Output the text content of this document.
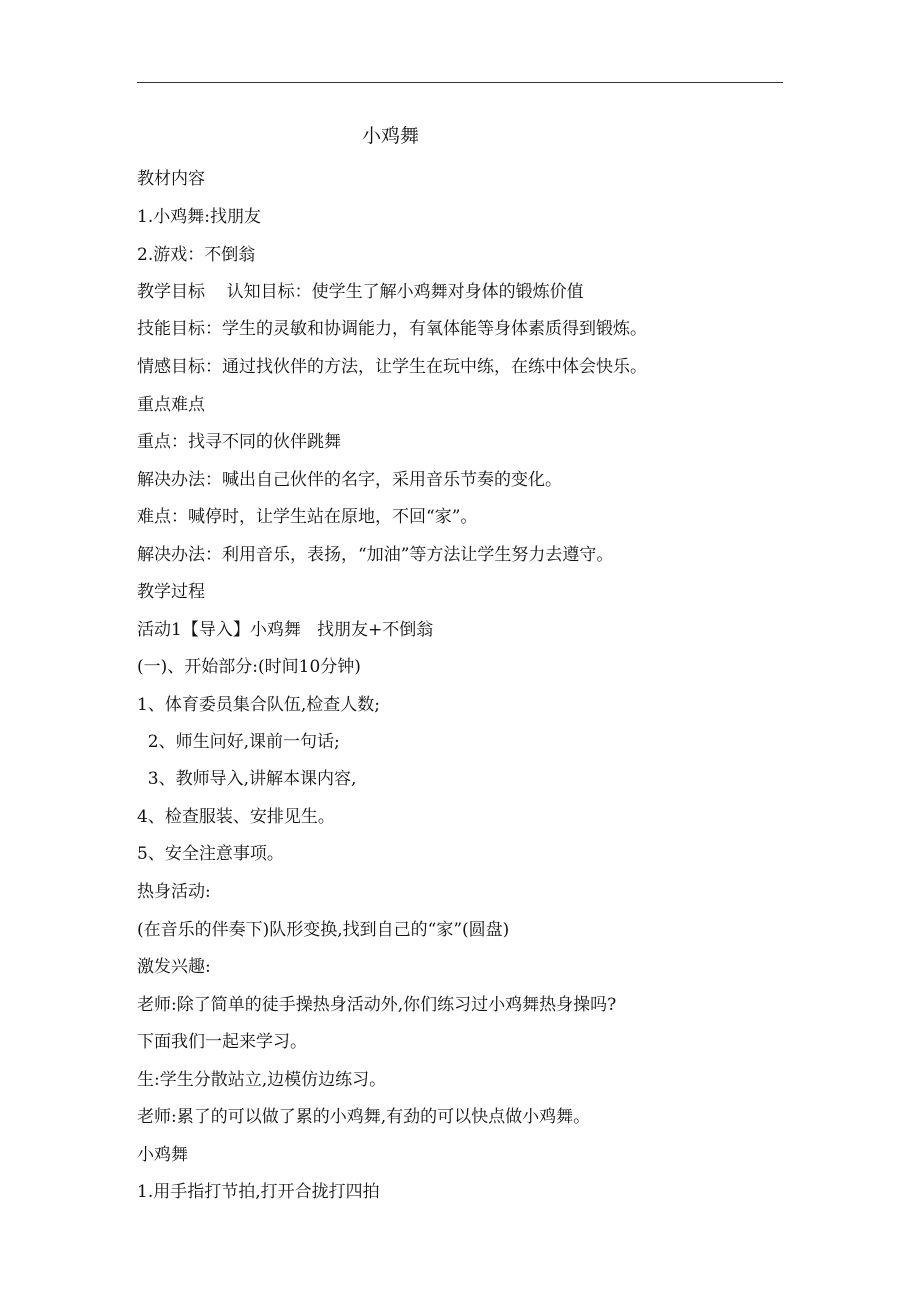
小鸡舞
教材内容
1.小鸡舞:找朋友
2.游戏：不倒翁
教学目标    认知目标：使学生了解小鸡舞对身体的锻炼价值
技能目标：学生的灵敏和协调能力，有氧体能等身体素质得到锻炼。
情感目标：通过找伙伴的方法，让学生在玩中练，在练中体会快乐。
重点难点
重点：找寻不同的伙伴跳舞
解决办法：喊出自己伙伴的名字，采用音乐节奏的变化。
难点：喊停时，让学生站在原地，不回“家”。
解决办法：利用音乐，表扬，“加油”等方法让学生努力去遵守。
教学过程
活动1【导入】小鸡舞   找朋友+不倒翁
(一)、开始部分:(时间10分钟)
1、体育委员集合队伍,检查人数;
2、师生问好,课前一句话;
3、教师导入,讲解本课内容,
4、检查服装、安排见生。
5、安全注意事项。
热身活动:
(在音乐的伴奏下)队形变换,找到自己的“家”(圆盘)
激发兴趣:
老师:除了简单的徒手操热身活动外,你们练习过小鸡舞热身操吗?
下面我们一起来学习。
生:学生分散站立,边模仿边练习。
老师:累了的可以做了累的小鸡舞,有劲的可以快点做小鸡舞。
小鸡舞
1.用手指打节拍,打开合拢打四拍
